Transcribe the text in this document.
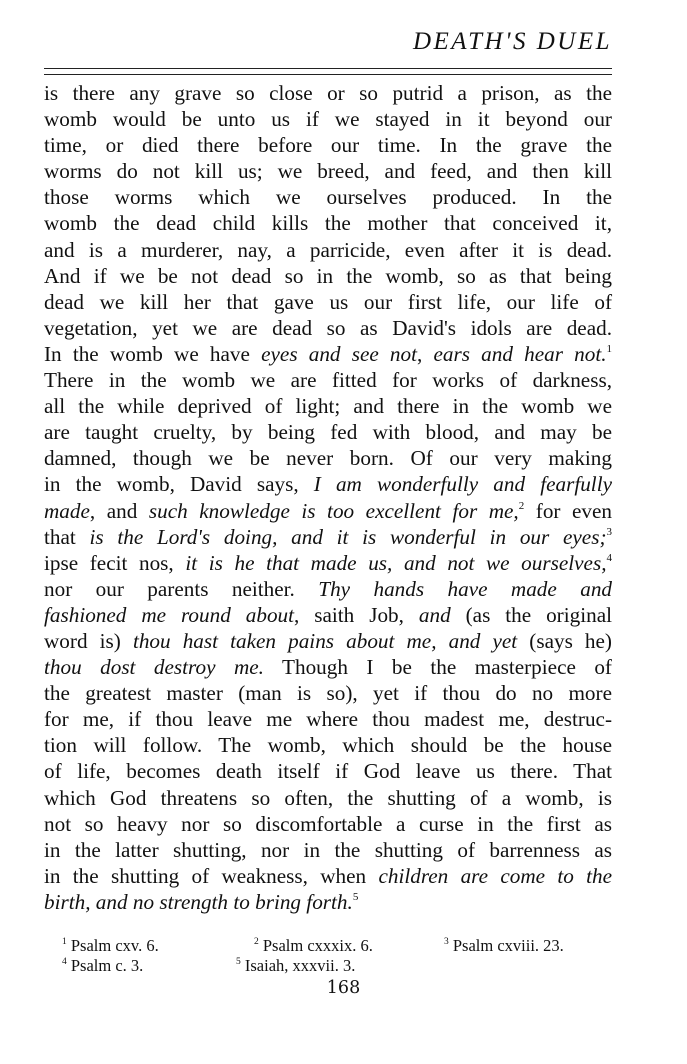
DEATH'S DUEL
is there any grave so close or so putrid a prison, as the
womb would be unto us if we stayed in it beyond our
time, or died there before our time. In the grave the
worms do not kill us; we breed, and feed, and then kill
those worms which we ourselves produced. In the
womb the dead child kills the mother that conceived it,
and is a murderer, nay, a parricide, even after it is dead.
And if we be not dead so in the womb, so as that being
dead we kill her that gave us our first life, our life of
vegetation, yet we are dead so as David's idols are dead.
In the womb we have eyes and see not, ears and hear not.$^1$
There in the womb we are fitted for works of darkness,
all the while deprived of light; and there in the womb we
are taught cruelty, by being fed with blood, and may be
damned, though we be never born. Of our very making
in the womb, David says, I am wonderfully and fearfully
made, and such knowledge is too excellent for me,$^2$ for even
that is the Lord's doing, and it is wonderful in our eyes;$^3$
ipse fecit nos, it is he that made us, and not we ourselves,$^4$
nor our parents neither. Thy hands have made and
fashioned me round about, saith Job, and (as the original
word is) thou hast taken pains about me, and yet (says he)
thou dost destroy me. Though I be the masterpiece of
the greatest master (man is so), yet if thou do no more
for me, if thou leave me where thou madest me, destruc-
tion will follow. The womb, which should be the house
of life, becomes death itself if God leave us there. That
which God threatens so often, the shutting of a womb, is
not so heavy nor so discomfortable a curse in the first as
in the latter shutting, nor in the shutting of barrenness as
in the shutting of weakness, when children are come to the
birth, and no strength to bring forth.$^5$
$^1$ Psalm cxv. 6.	$^2$ Psalm cxxxix. 6.	$^3$ Psalm cxviii. 23.
$^4$ Psalm c. 3.	$^5$ Isaiah, xxxvii. 3.
168
